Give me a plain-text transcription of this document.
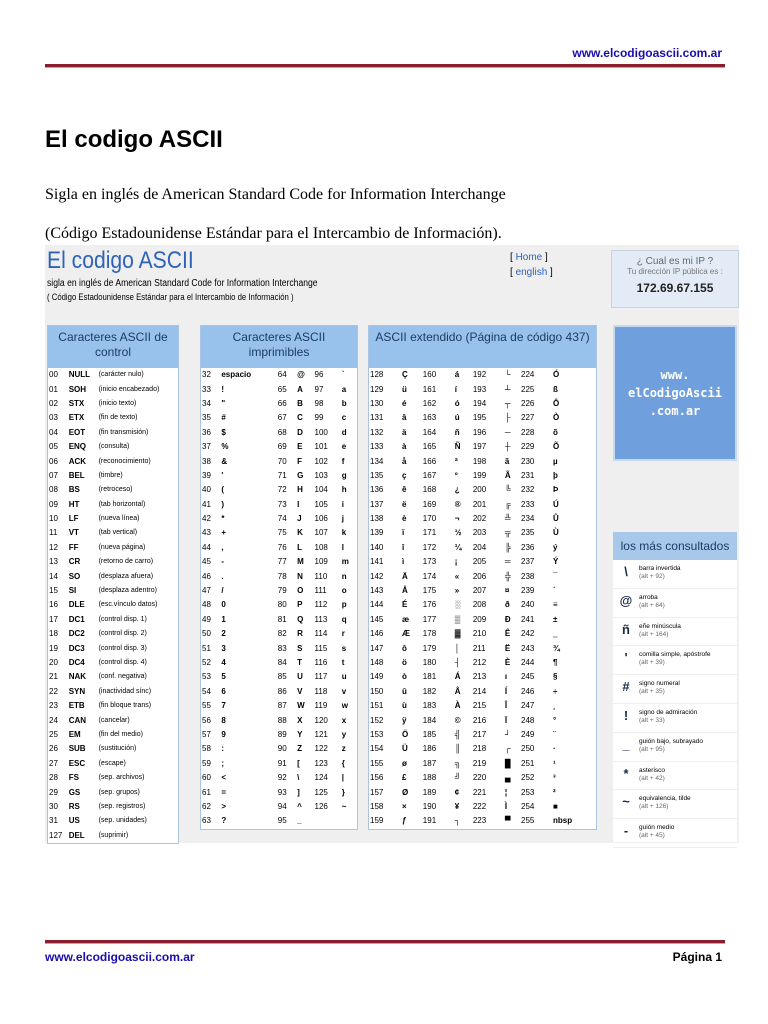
www.elcodigoascii.com.ar
El codigo ASCII

Sigla en inglés de American Standard Code for Information Interchange

(Código Estadounidense Estándar para el Intercambio de Información).

El codigo ASCII
sigla en inglés de American Standard Code for Information Interchange
( Código Estadounidense Estándar para el Intercambio de Información )
[ Home ]
[ english ]
¿ Cual es mi IP ?
Tu dirección IP pública es :
172.69.67.155
Caracteres ASCII de control
00	NULL	(carácter nulo)
01	SOH	(inicio encabezado)
02	STX	(inicio texto)
03	ETX	(fin de texto)
04	EOT	(fin transmisión)
05	ENQ	(consulta)
06	ACK	(reconocimiento)
07	BEL	(timbre)
08	BS	(retroceso)
09	HT	(tab horizontal)
10	LF	(nueva línea)
11	VT	(tab vertical)
12	FF	(nueva página)
13	CR	(retorno de carro)
14	SO	(desplaza afuera)
15	SI	(desplaza adentro)
16	DLE	(esc.vínculo datos)
17	DC1	(control disp. 1)
18	DC2	(control disp. 2)
19	DC3	(control disp. 3)
20	DC4	(control disp. 4)
21	NAK	(conf. negativa)
22	SYN	(inactividad sínc)
23	ETB	(fin bloque trans)
24	CAN	(cancelar)
25	EM	(fin del medio)
26	SUB	(sustitución)
27	ESC	(escape)
28	FS	(sep. archivos)
29	GS	(sep. grupos)
30	RS	(sep. registros)
31	US	(sep. unidades)
127	DEL	(suprimir)
Caracteres ASCII imprimibles
32	espacio	64	@	96	`
33	!	65	A	97	a
34	"	66	B	98	b
35	#	67	C	99	c
36	$	68	D	100	d
37	%	69	E	101	e
38	&	70	F	102	f
39	'	71	G	103	g
40	(	72	H	104	h
41	)	73	I	105	i
42	*	74	J	106	j
43	+	75	K	107	k
44	,	76	L	108	l
45	-	77	M	109	m
46	.	78	N	110	n
47	/	79	O	111	o
48	0	80	P	112	p
49	1	81	Q	113	q
50	2	82	R	114	r
51	3	83	S	115	s
52	4	84	T	116	t
53	5	85	U	117	u
54	6	86	V	118	v
55	7	87	W	119	w
56	8	88	X	120	x
57	9	89	Y	121	y
58	:	90	Z	122	z
59	;	91	[	123	{
60	<	92	\	124	|
61	=	93	]	125	}
62	>	94	^	126	~
63	?	95	_		
ASCII extendido (Página de código 437)
128	Ç	160	á	192	└	224	Ó
129	ü	161	í	193	┴	225	ß
130	é	162	ó	194	┬	226	Ô
131	â	163	ú	195	├	227	Ò
132	ä	164	ñ	196	─	228	õ
133	à	165	Ñ	197	┼	229	Õ
134	å	166	ª	198	ã	230	µ
135	ç	167	º	199	Ã	231	þ
136	ê	168	¿	200	╚	232	Þ
137	ë	169	®	201	╔	233	Ú
138	è	170	¬	202	╩	234	Û
139	ï	171	½	203	╦	235	Ù
140	î	172	¼	204	╠	236	ý
141	ì	173	¡	205	═	237	Ý
142	Ä	174	«	206	╬	238	¯
143	Å	175	»	207	¤	239	´
144	É	176	░	208	ð	240	≡
145	æ	177	▒	209	Ð	241	±
146	Æ	178	▓	210	Ê	242	‗
147	ô	179	│	211	Ë	243	¾
148	ö	180	┤	212	È	244	¶
149	ò	181	Á	213	ı	245	§
150	û	182	Â	214	Í	246	÷
151	ù	183	À	215	Î	247	¸
152	ÿ	184	©	216	Ï	248	°
153	Ö	185	╣	217	┘	249	¨
154	Ü	186	║	218	┌	250	·
155	ø	187	╗	219	█	251	¹
156	£	188	╝	220	▄	252	³
157	Ø	189	¢	221	¦	253	²
158	×	190	¥	222	Ì	254	■
159	ƒ	191	┐	223	▀	255	nbsp
www. elCodigoAscii .com.ar
los más consultados
\	barra invertida
(alt + 92)
@	arroba
(alt + 64)
ñ	eñe minúscula
(alt + 164)
'	comilla simple, apóstrofe
(alt + 39)
#	signo numeral
(alt + 35)
!	signo de admiración
(alt + 33)
_	guión bajo, subrayado
(alt + 95)
*	asterisco
(alt + 42)
~	equivalencia, tilde
(alt + 126)
-	guión medio
(alt + 45)
www.elcodigoascii.com.ar	Página 1
